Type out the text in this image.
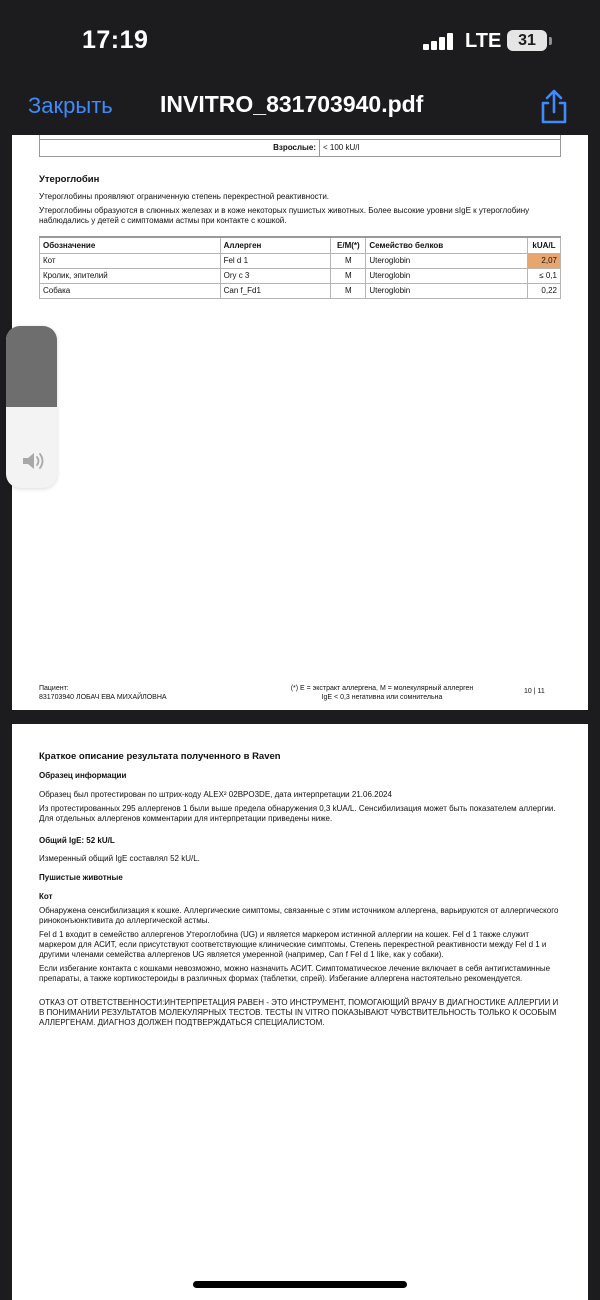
17:19	LTE	31
Закрыть INVITRO_831703940.pdf
Взрослые: < 100 kU/l
Утероглобин
Утероглобины проявляют ограниченную степень перекрестной реактивности.
Утероглобины образуются в слюнных железах и в коже некоторых пушистых животных. Более высокие уровни sIgE к утероглобину наблюдались у детей с симптомами астмы при контакте с кошкой.
Обозначение	Аллерген	E/M(*)	Семейство белков	kUA/L
Кот	Fel d 1	M	Uteroglobin	2,07
Кролик, эпителий	Ory c 3	M	Uteroglobin	≤ 0,1
Собака	Can f_Fd1	M	Uteroglobin	0,22
Пациент:
831703940 ЛОБАЧ ЕВА МИХАЙЛОВНА
(*) E = экстракт аллергена, M = молекулярный аллерген
IgE < 0,3 негативна или сомнительна
10 | 11
Краткое описание результата полученного в Raven
Образец информации
Образец был протестирован по штрих-коду ALEX² 02BPO3DE, дата интерпретации 21.06.2024
Из протестированных 295 аллергенов 1 были выше предела обнаружения 0,3 kUA/L. Сенсибилизация может быть показателем аллергии. Для отдельных аллергенов комментарии для интерпретации приведены ниже.
Общий IgE: 52 kU/L
Измеренный общий IgE составлял 52 kU/L.
Пушистые животные
Кот
Обнаружена сенсибилизация к кошке. Аллергические симптомы, связанные с этим источником аллергена, варьируются от аллергического риноконъюнктивита до аллергической астмы.
Fel d 1 входит в семейство аллергенов Утероглобина (UG) и является маркером истинной аллергии на кошек. Fel d 1 также служит маркером для АСИТ, если присутствуют соответствующие клинические симптомы. Степень перекрестной реактивности между Fel d 1 и другими членами семейства аллергенов UG является умеренной (например, Can f Fel d 1 like, как у собаки).
Если избегание контакта с кошками невозможно, можно назначить АСИТ. Симптоматическое лечение включает в себя антигистаминные препараты, а также кортикостероиды в различных формах (таблетки, спрей). Избегание аллергена настоятельно рекомендуется.
ОТКАЗ ОТ ОТВЕТСТВЕННОСТИ:ИНТЕРПРЕТАЦИЯ РАВЕН - ЭТО ИНСТРУМЕНТ, ПОМОГАЮЩИЙ ВРАЧУ В ДИАГНОСТИКЕ АЛЛЕРГИИ И В ПОНИМАНИИ РЕЗУЛЬТАТОВ МОЛЕКУЛЯРНЫХ ТЕСТОВ. ТЕСТЫ IN VITRO ПОКАЗЫВАЮТ ЧУВСТВИТЕЛЬНОСТЬ ТОЛЬКО К ОСОБЫМ АЛЛЕРГЕНАМ. ДИАГНОЗ ДОЛЖЕН ПОДТВЕРЖДАТЬСЯ СПЕЦИАЛИСТОМ.
